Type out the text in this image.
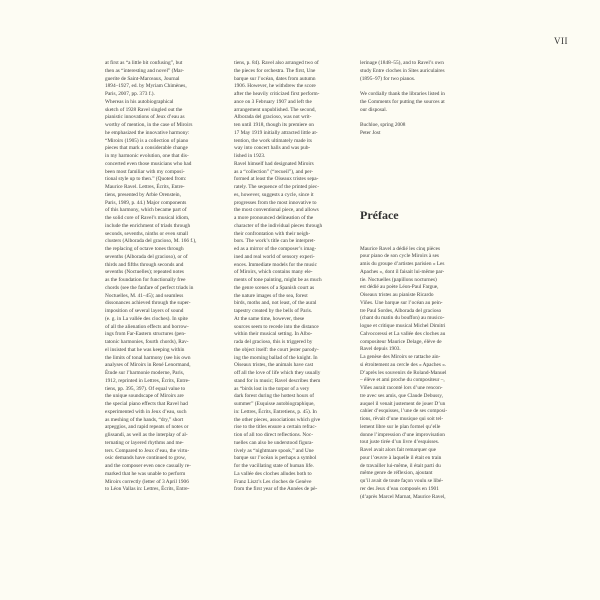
VII

at first as “a little bit confusing”, but

then as “interesting and novel” (Mar-

guerite de Saint-Marceaux, Journal

1894–1927, ed. by Myriam Chimènes,

Paris, 2007, pp. 373 f.).

Whereas in his autobiographical

sketch of 1928 Ravel singled out the

pianistic innovations of Jeux d’eau as

worthy of mention, in the case of Miroirs

he emphasized the innovative harmony:

“Miroirs (1905) is a collection of piano

pieces that mark a considerable change

in my harmonic evolution, one that dis-

concerted even those musicians who had

been most familiar with my composi-

tional style up to then.” (Quoted from:

Maurice Ravel. Lettres, Écrits, Entre-

tiens, presented by Arbie Orenstein,

Paris, 1989, p. 44.) Major components

of this harmony, which became part of

the solid core of Ravel’s musical idiom,

include the enrichment of triads through

seconds, sevenths, ninths or even small

clusters (Alborada del gracioso, M. 166 f.),

the replacing of octave tones through

sevenths (Alborada del gracioso), or of

thirds and fifths through seconds and

sevenths (Noctuelles); repeated notes

as the foundation for functionally free

chords (see the fanfare of perfect triads in

Noctuelles, M. 41–45); and seamless

dissonances achieved through the super-

imposition of several layers of sound

(e. g. in La vallée des cloches). In spite

of all the alienation effects and borrow-

ings from Far-Eastern structures (pen-

tatonic harmonies, fourth chords), Rav-

el insisted that he was keeping within

the limits of tonal harmony (see his own

analyses of Miroirs in René Lenormand,

Étude sur l’harmonie moderne, Paris,

1912, reprinted in Lettres, Écrits, Entre-

tiens, pp. 395, 397). Of equal value to

the unique soundscape of Miroirs are

the special piano effects that Ravel had

experimented with in Jeux d’eau, such

as meshing of the hands, “dry,” short

arpeggios, and rapid repeats of notes or

glissandi, as well as the interplay of al-

ternating or layered rhythms and me-

ters. Compared to Jeux d’eau, the virtu-

osic demands have continued to grow,

and the composer even once casually re-

marked that he was unable to perform

Miroirs correctly (letter of 3 April 1906

to Léon Vallas in: Lettres, Écrits, Entre-

tiens, p. 84). Ravel also arranged two of

the pieces for orchestra. The first, Une

barque sur l’océan, dates from autumn

1906. However, he withdrew the score

after the heavily criticized first perform-

ance on 3 February 1907 and left the

arrangement unpublished. The second,

Alborada del gracioso, was not writ-

ten until 1918, though its premiere on

17 May 1919 initially attracted little at-

tention, the work ultimately made its

way into concert halls and was pub-

lished in 1923.

Ravel himself had designated Miroirs

as a “collection” (“recueil”), and per-

formed at least the Oiseaux tristes sepa-

rately. The sequence of the printed piec-

es, however, suggests a cycle, since it

progresses from the most innovative to

the most conventional piece, and allows

a more pronounced delineation of the

character of the individual pieces through

their confrontation with their neigh-

bors. The work’s title can be interpret-

ed as a mirror of the composer’s imag-

ined and real world of sensory experi-

ences. Immediate models for the music

of Miroirs, which contains many ele-

ments of tone painting, might be as much

the genre scenes of a Spanish court as

the nature images of the sea, forest

birds, moths and, not least, of the aural

tapestry created by the bells of Paris.

At the same time, however, these

sources seem to recede into the distance

within their musical setting. In Albo-

rada del gracioso, this is triggered by

the object itself: the court jester parody-

ing the morning ballad of the knight. In

Oiseaux tristes, the animals have cast

off all the love of life which they usually

stand for in music; Ravel describes them

as “birds lost in the torpor of a very

dark forest during the hottest hours of

summer” (Esquisse autobiographique,

in: Lettres, Écrits, Entretiens, p. 45). In

the other pieces, associations which give

rise to the titles ensure a certain refrac-

tion of all too direct reflections. Noc-

tuelles can also be understood figura-

tively as “nightmare spook,” and Une

barque sur l’océan is perhaps a symbol

for the vacillating state of human life.

La vallée des cloches alludes both to

Franz Liszt’s Les cloches de Genève

from the first year of the Années de pè-

lerinage (1848–55), and to Ravel’s own

study Entre cloches in Sites auriculaires

(1895–97) for two pianos.

We cordially thank the libraries listed in

the Comments for putting the sources at

our disposal.

Buchloe, spring 2008

Peter Jost

Préface

Maurice Ravel a dédié les cinq pièces

pour piano de son cycle Miroirs à ses

amis du groupe d’artistes parisien « Les

Apaches », dont il faisait lui-même par-

tie. Noctuelles (papillons nocturnes)

est dédié au poète Léon-Paul Fargue,

Oiseaux tristes au pianiste Ricardo

Viñes. Une barque sur l’océan au pein-

tre Paul Sordes, Alborada del gracioso

(chant du matin du bouffon) au musico-

logue et critique musical Michel Dimitri

Calvocoressi et La vallée des cloches au

compositeur Maurice Delage, élève de

Ravel depuis 1903.

La genèse des Miroirs se rattache ain-

si étroitement au cercle des « Apaches ».

D’après les souvenirs de Roland-Manuel

– élève et ami proche du compositeur –,

Viñes aurait raconté lors d’une rencon-

tre avec ses amis, que Claude Debussy,

auquel il venait justement de jouer D’un

cahier d’esquisses, l’une de ses composi-

tions, rêvait d’une musique qui soit tel-

lement libre sur le plan formel qu’elle

donne l’impression d’une improvisation

tout juste tirée d’un livre d’esquisses.

Ravel avait alors fait remarquer que

pour l’œuvre à laquelle il était en train

de travailler lui-même, il était parti du

même genre de réflexion, ajoutant

qu’il avait de toute façon voulu se libé-

rer des Jeux d’eau composés en 1901

(d’après Marcel Marnat, Maurice Ravel,
